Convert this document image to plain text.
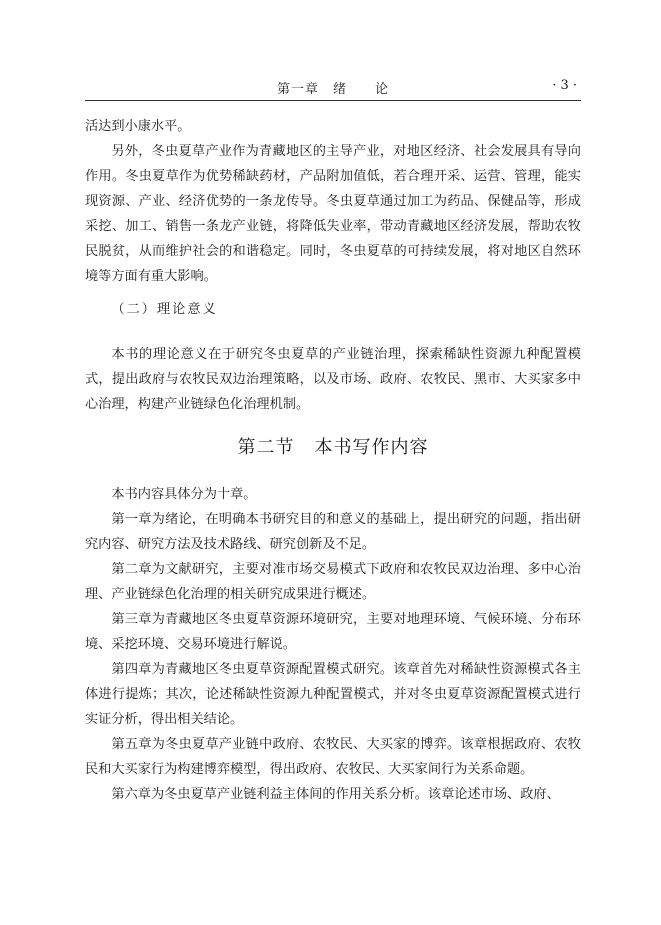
第一章　绪　　论	· 3 ·

活达到小康水平。

另外，冬虫夏草产业作为青藏地区的主导产业，对地区经济、社会发展具有导向作用。冬虫夏草作为优势稀缺药材，产品附加值低，若合理开采、运营、管理，能实现资源、产业、经济优势的一条龙传导。冬虫夏草通过加工为药品、保健品等，形成采挖、加工、销售一条龙产业链，将降低失业率，带动青藏地区经济发展，帮助农牧民脱贫，从而维护社会的和谐稳定。同时，冬虫夏草的可持续发展，将对地区自然环境等方面有重大影响。

（二）理论意义

本书的理论意义在于研究冬虫夏草的产业链治理，探索稀缺性资源九种配置模式，提出政府与农牧民双边治理策略，以及市场、政府、农牧民、黑市、大买家多中心治理，构建产业链绿色化治理机制。

第二节 本书写作内容

本书内容具体分为十章。

第一章为绪论，在明确本书研究目的和意义的基础上，提出研究的问题，指出研究内容、研究方法及技术路线、研究创新及不足。

第二章为文献研究，主要对准市场交易模式下政府和农牧民双边治理、多中心治理、产业链绿色化治理的相关研究成果进行概述。

第三章为青藏地区冬虫夏草资源环境研究，主要对地理环境、气候环境、分布环境、采挖环境、交易环境进行解说。

第四章为青藏地区冬虫夏草资源配置模式研究。该章首先对稀缺性资源模式各主体进行提炼；其次，论述稀缺性资源九种配置模式，并对冬虫夏草资源配置模式进行实证分析，得出相关结论。

第五章为冬虫夏草产业链中政府、农牧民、大买家的博弈。该章根据政府、农牧民和大买家行为构建博弈模型，得出政府、农牧民、大买家间行为关系命题。

第六章为冬虫夏草产业链利益主体间的作用关系分析。该章论述市场、政府、
